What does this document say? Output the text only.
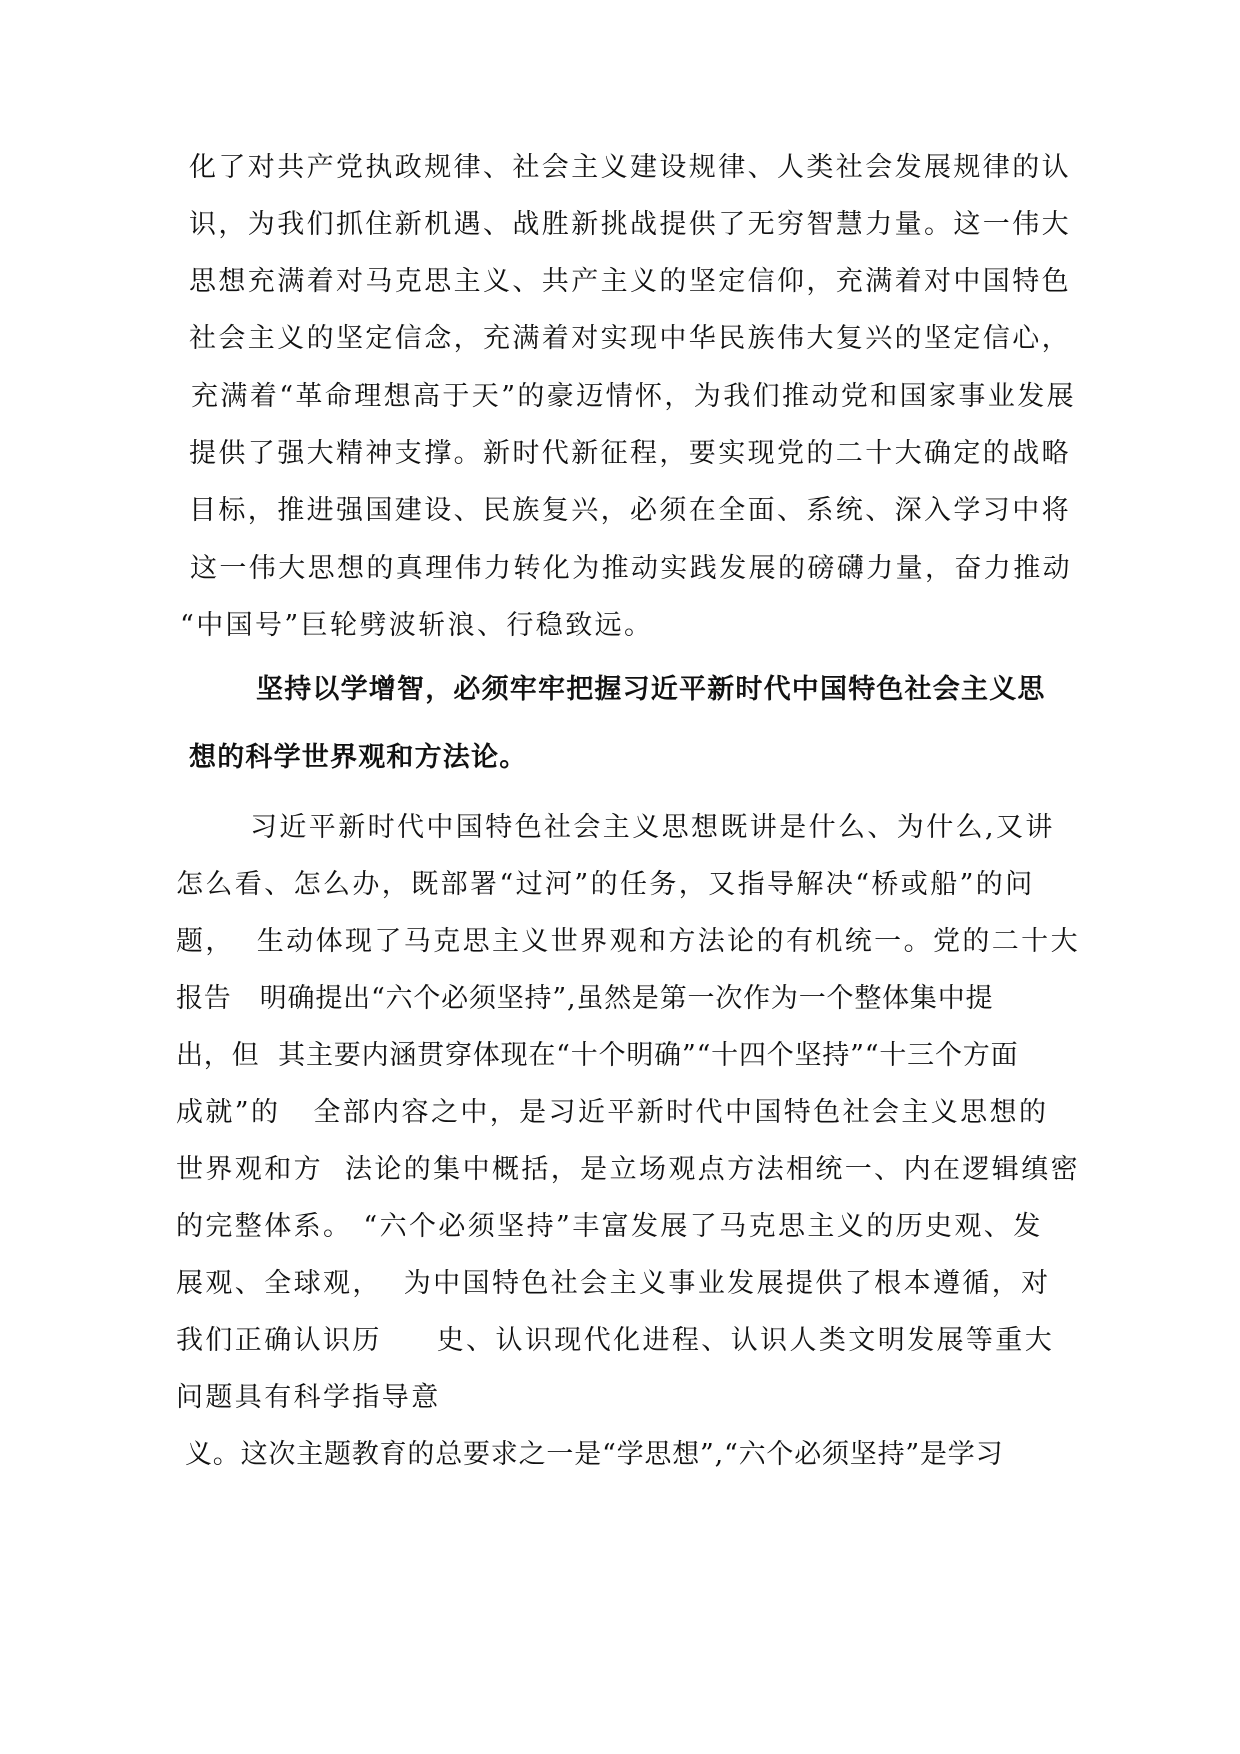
化了对共产党执政规律、社会主义建设规律、人类社会发展规律的认
识，为我们抓住新机遇、战胜新挑战提供了无穷智慧力量。这一伟大
思想充满着对马克思主义、共产主义的坚定信仰，充满着对中国特色
社会主义的坚定信念，充满着对实现中华民族伟大复兴的坚定信心，
充满着“革命理想高于天”的豪迈情怀，为我们推动党和国家事业发展
提供了强大精神支撑。新时代新征程，要实现党的二十大确定的战略
目标，推进强国建设、民族复兴，必须在全面、系统、深入学习中将
这一伟大思想的真理伟力转化为推动实践发展的磅礴力量，奋力推动
“中国号”巨轮劈波斩浪、行稳致远。
坚持以学增智，必须牢牢把握习近平新时代中国特色社会主义思
想的科学世界观和方法论。
习近平新时代中国特色社会主义思想既讲是什么、为什么,又讲
怎么看、怎么办，既部署“过河”的任务，又指导解决“桥或船”的问
题，  生动体现了马克思主义世界观和方法论的有机统一。党的二十大
报告   明确提出“六个必须坚持”,虽然是第一次作为一个整体集中提
出，但  其主要内涵贯穿体现在“十个明确”“十四个坚持”“十三个方面
成就”的   全部内容之中，是习近平新时代中国特色社会主义思想的
世界观和方  法论的集中概括，是立场观点方法相统一、内在逻辑缜密
的完整体系。 “六个必须坚持”丰富发展了马克思主义的历史观、发
展观、全球观，  为中国特色社会主义事业发展提供了根本遵循，对
我们正确认识历     史、认识现代化进程、认识人类文明发展等重大
问题具有科学指导意
义。这次主题教育的总要求之一是“学思想”,“六个必须坚持”是学习
